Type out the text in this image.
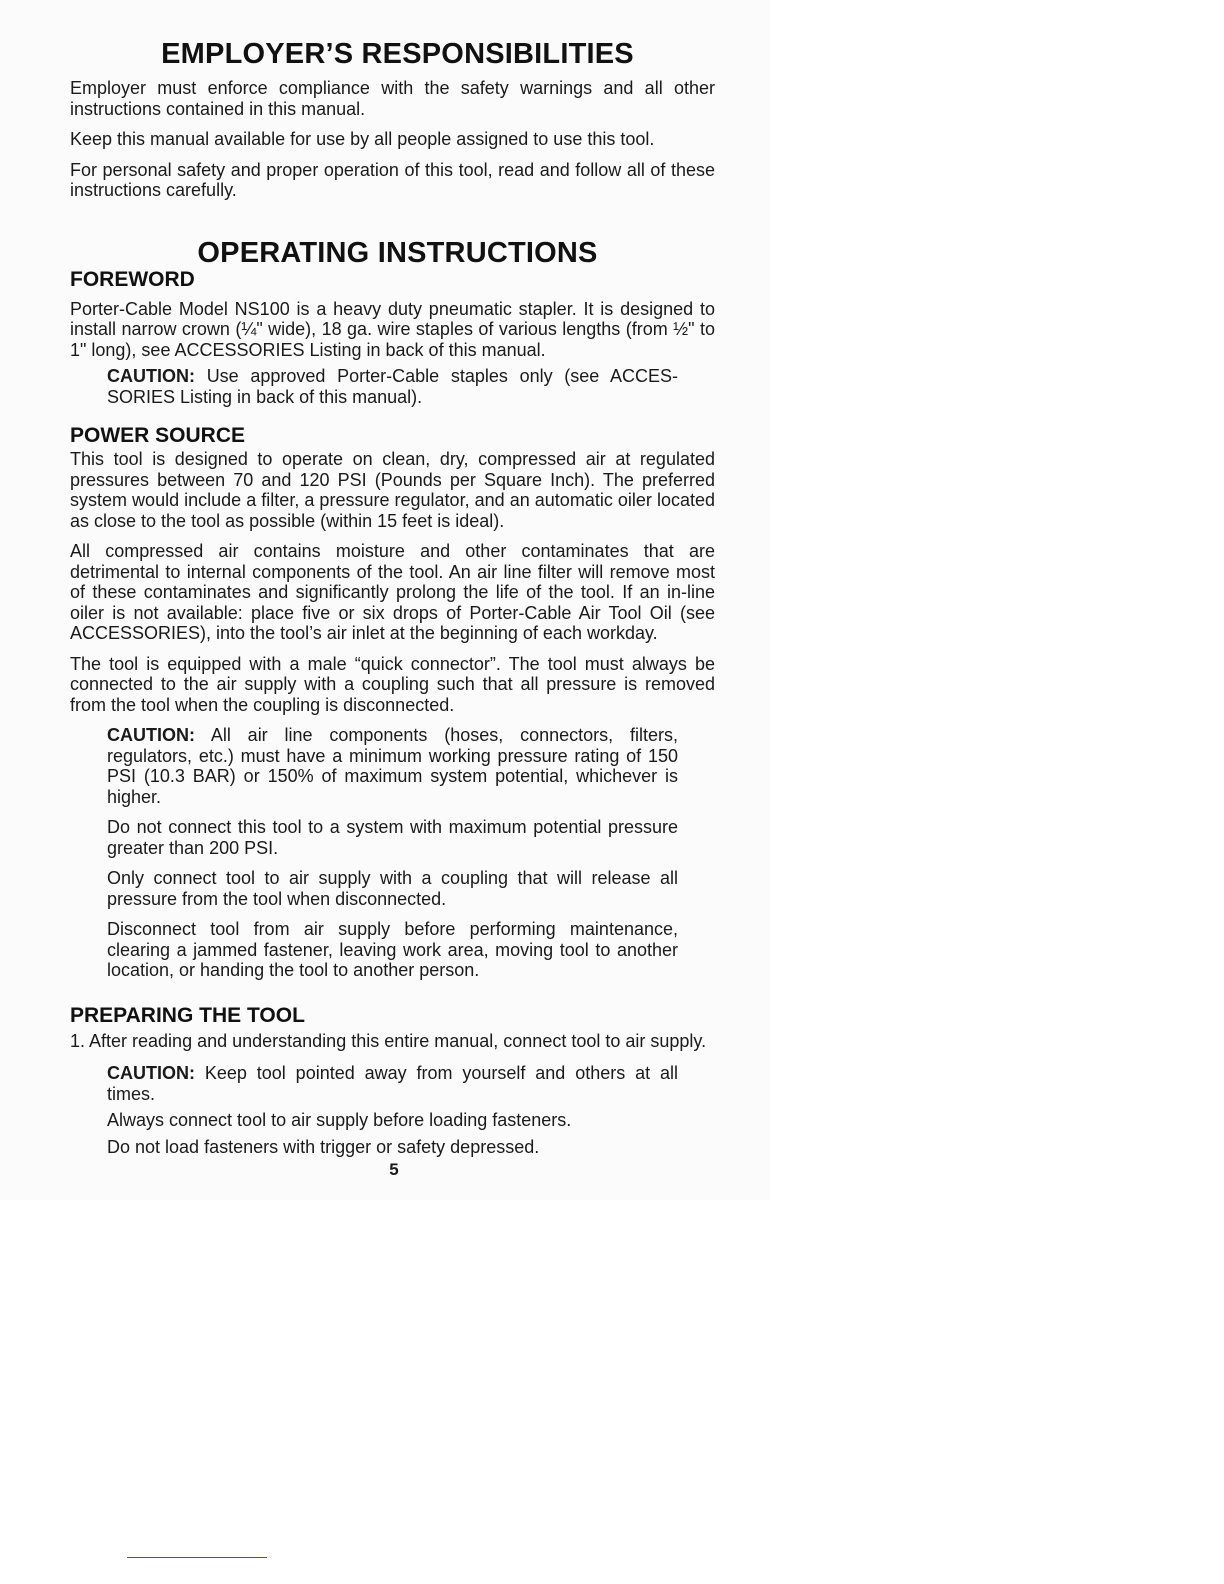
EMPLOYER’S RESPONSIBILITIES

Employer must enforce compliance with the safety warnings and all other instructions contained in this manual.

Keep this manual available for use by all people assigned to use this tool.

For personal safety and proper operation of this tool, read and follow all of these instructions carefully.

OPERATING INSTRUCTIONS
FOREWORD

Porter-Cable Model NS100 is a heavy duty pneumatic stapler. It is designed to install narrow crown (¼" wide), 18 ga. wire staples of various lengths (from ½" to 1" long), see ACCESSORIES Listing in back of this manual.

CAUTION: Use approved Porter-Cable staples only (see ACCES-SORIES Listing in back of this manual).

POWER SOURCE

This tool is designed to operate on clean, dry, compressed air at regulated pressures between 70 and 120 PSI (Pounds per Square Inch). The preferred system would include a filter, a pressure regulator, and an automatic oiler located as close to the tool as possible (within 15 feet is ideal).

All compressed air contains moisture and other contaminates that are detrimental to internal components of the tool. An air line filter will remove most of these contaminates and significantly prolong the life of the tool. If an in-line oiler is not available: place five or six drops of Porter-Cable Air Tool Oil (see ACCESSORIES), into the tool’s air inlet at the beginning of each workday.

The tool is equipped with a male “quick connector”. The tool must always be connected to the air supply with a coupling such that all pressure is removed from the tool when the coupling is disconnected.

CAUTION: All air line components (hoses, connectors, filters, regulators, etc.) must have a minimum working pressure rating of 150 PSI (10.3 BAR) or 150% of maximum system potential, whichever is higher.

Do not connect this tool to a system with maximum potential pressure greater than 200 PSI.

Only connect tool to air supply with a coupling that will release all pressure from the tool when disconnected.

Disconnect tool from air supply before performing maintenance, clearing a jammed fastener, leaving work area, moving tool to another location, or handing the tool to another person.

PREPARING THE TOOL

1. After reading and understanding this entire manual, connect tool to air supply.

CAUTION: Keep tool pointed away from yourself and others at all times.

Always connect tool to air supply before loading fasteners.

Do not load fasteners with trigger or safety depressed.

5
